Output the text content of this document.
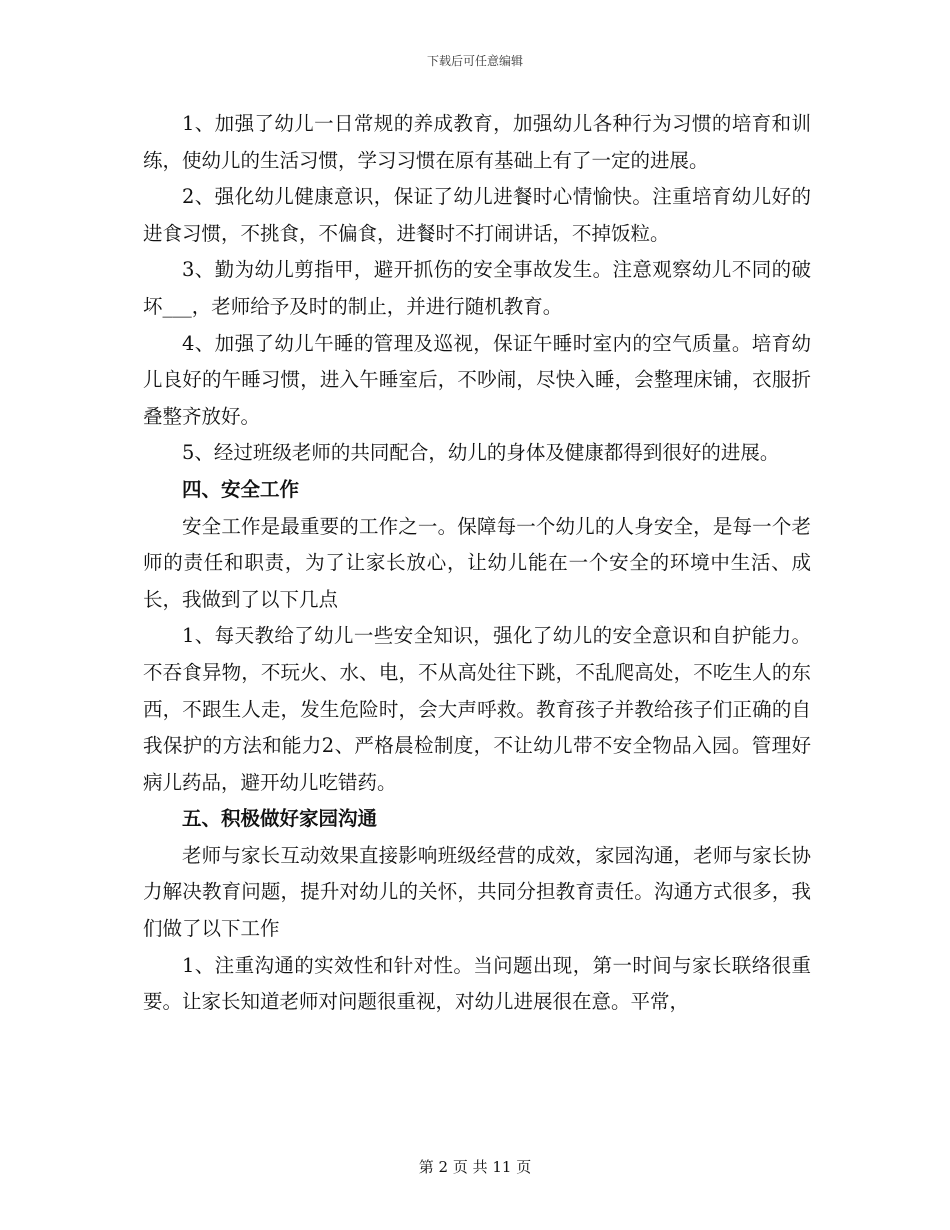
下载后可任意编辑

1、加强了幼儿一日常规的养成教育，加强幼儿各种行为习惯的培育和训练，使幼儿的生活习惯，学习习惯在原有基础上有了一定的进展。

2、强化幼儿健康意识，保证了幼儿进餐时心情愉快。注重培育幼儿好的进食习惯，不挑食，不偏食，进餐时不打闹讲话，不掉饭粒。

3、勤为幼儿剪指甲，避开抓伤的安全事故发生。注意观察幼儿不同的破坏___，老师给予及时的制止，并进行随机教育。

4、加强了幼儿午睡的管理及巡视，保证午睡时室内的空气质量。培育幼儿良好的午睡习惯，进入午睡室后，不吵闹，尽快入睡，会整理床铺，衣服折叠整齐放好。

5、经过班级老师的共同配合，幼儿的身体及健康都得到很好的进展。

四、安全工作

安全工作是最重要的工作之一。保障每一个幼儿的人身安全，是每一个老师的责任和职责，为了让家长放心，让幼儿能在一个安全的环境中生活、成长，我做到了以下几点

1、每天教给了幼儿一些安全知识，强化了幼儿的安全意识和自护能力。不吞食异物，不玩火、水、电，不从高处往下跳，不乱爬高处，不吃生人的东西，不跟生人走，发生危险时，会大声呼救。教育孩子并教给孩子们正确的自我保护的方法和能力2、严格晨检制度，不让幼儿带不安全物品入园。管理好病儿药品，避开幼儿吃错药。

五、积极做好家园沟通

老师与家长互动效果直接影响班级经营的成效，家园沟通，老师与家长协力解决教育问题，提升对幼儿的关怀，共同分担教育责任。沟通方式很多，我们做了以下工作

1、注重沟通的实效性和针对性。当问题出现，第一时间与家长联络很重要。让家长知道老师对问题很重视，对幼儿进展很在意。平常，

第 2 页 共 11 页
